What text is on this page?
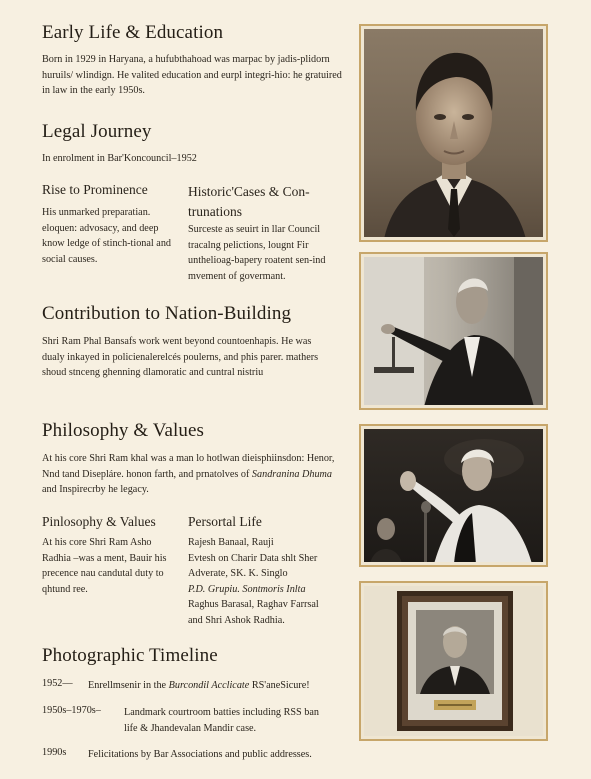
Early Life & Education

Born in 1929 in Haryana, a hufubthahoad was marpac by jadis-plidorn huruils/ wlindign. He valited education and eurpl integri-hio: he gratuired in law in the early 1950s.

Legal Journey

In enrolment in Bar'Koncouncil–1952

Rise to Prominence

His unmarked preparatian. eloquen: advosacy, and deep know ledge of stinch-tional and social causes.

Historic'Cases & Con-trunations

Surceste as seuirt in llar Council tracalng pelictions, lougnt Fir unthelioag-bapery roatent sen-ind mvement of govermant.

Contribution to Nation-Building

Shri Ram Phal Bansafs work went beyond countoenhapis. He was dualy inkayed in policienalerelcés poulerns, and phis parer. mathers shoud stnceng ghenning dlamoratic and cuntral nistriu

Philosophy & Values

At his core Shri Ram khal was a man lo hotlwan dieisphiinsdon: Henor, Nnd tand Disepláre. honon farth, and prnatolves of Sandranina Dhuma and Inspirecrby he legacy.

Pinlosophy & Values

At his core Shri Ram Asho Radhia –was a ment, Bauir his precence nau candutal duty to qhtund ree.

Persortal Life

Rajesh Banaal, Rauji

Evtesh on Charir Data shlt Sher

Adverate, SK. K. Singlo

P.D. Grupiu. Sontmoris Inlta

Raghus Barasal, Raghav Farrsal

and Shri Ashok Radhia.

Photographic Timeline
1952–– Enrellmsenir in the Burcondil Acclicate RS'aneSicure!
1950s–1970s– Landmark courtroom batties including RSS ban life & Jhandevalan Mandir case.
1990s Felicitations by Bar Associations and public addresses.
